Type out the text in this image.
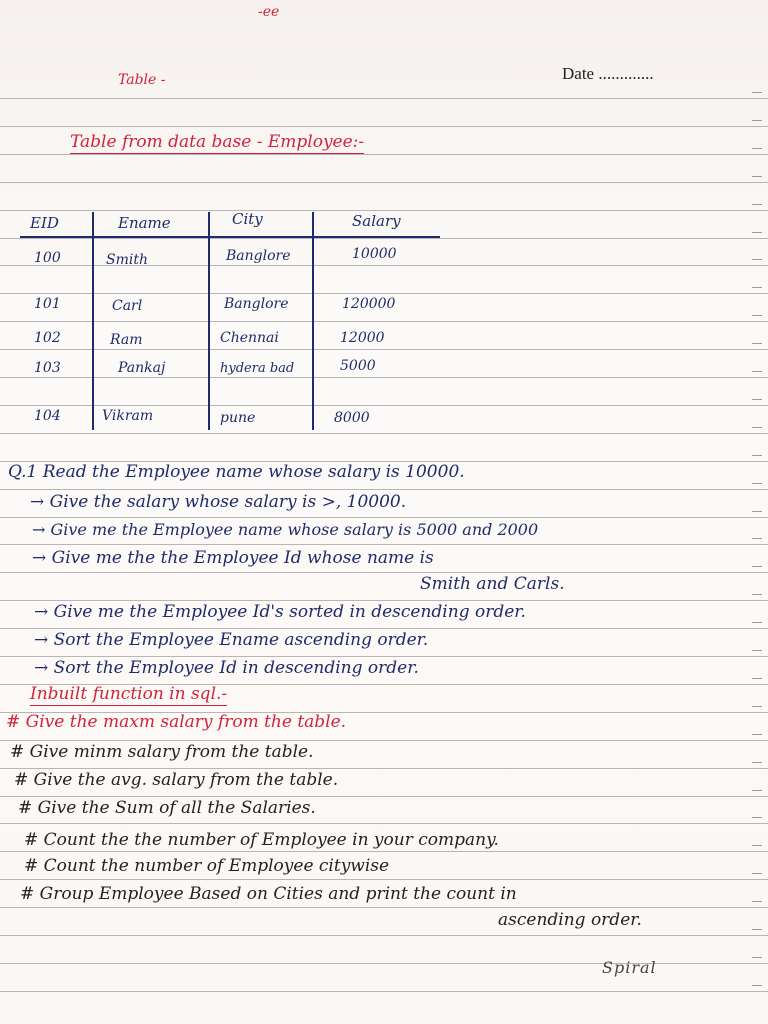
-ee
Table -	Date .............
Table from data base - Employee:-
EID	Ename	City	Salary
100	Smith	Banglore	10000
101	Carl	Banglore	120000
102	Ram	Chennai	12000
103	Pankaj	hydera bad	5000
104	Vikram	pune	8000
Q.1 Read the Employee name whose salary is 10000.
→ Give the salary whose salary is >, 10000.
→ Give me the Employee name whose salary is 5000 and 2000
→ Give me the the Employee Id whose name is
Smith and Carls.
→ Give me the Employee Id's sorted in descending order.
→ Sort the Employee Ename ascending order.
→ Sort the Employee Id in descending order.
Inbuilt function in sql.-
# Give the maxm salary from the table.
# Give minm salary from the table.
# Give the avg. salary from the table.
# Give the Sum of all the Salaries.
# Count the the number of Employee in your company.
# Count the number of Employee citywise
# Group Employee Based on Cities and print the count in
ascending order.
Spiral
